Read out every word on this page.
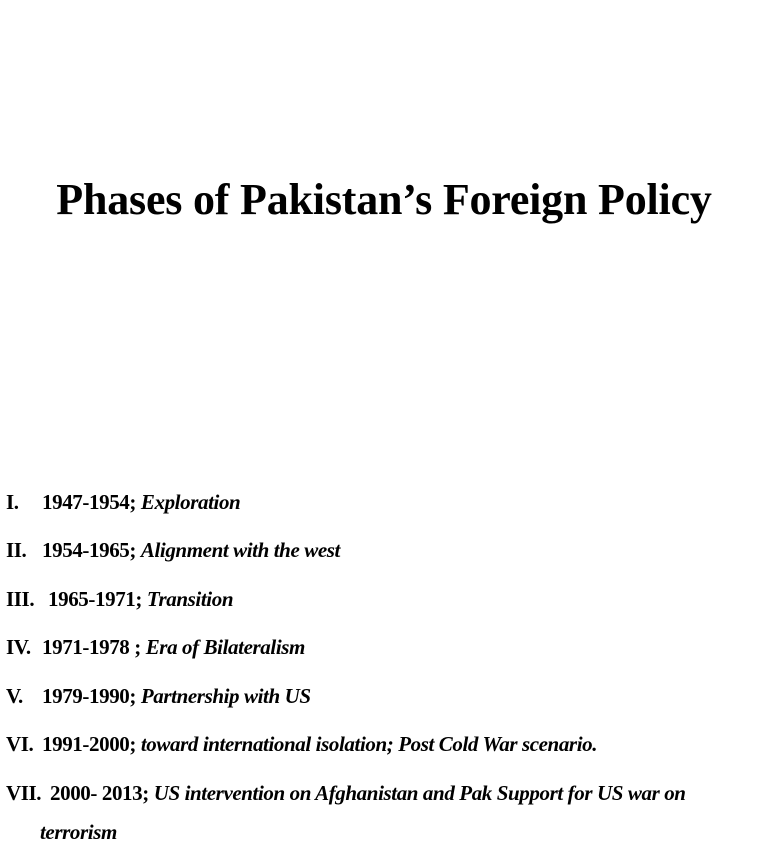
Phases of Pakistan’s Foreign Policy
I. 1947-1954; Exploration
II. 1954-1965; Alignment with the west
III. 1965-1971; Transition
IV. 1971-1978 ; Era of Bilateralism
V. 1979-1990; Partnership with US
VI. 1991-2000; toward international isolation; Post Cold War scenario.
VII. 2000- 2013; US intervention on Afghanistan and Pak Support for US war on
terrorism
